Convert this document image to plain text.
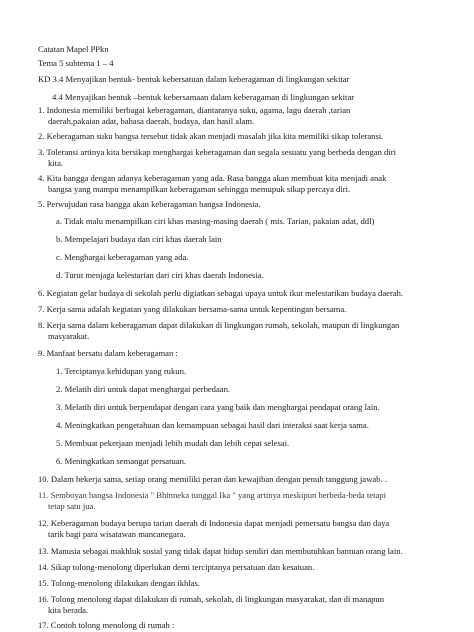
Catatan Mapel PPkn
Tema 5 subtema 1 – 4
KD 3.4 Menyajikan bentuk- bentuk kebersatuan dalam keberagaman di lingkungan sekitar
4.4 Menyajikan bentuk –bentuk kebersamaan dalam keberagaman di lingkungan sekitar
1. Indonesia memiliki berbagai keberagaman, diantaranya suku, agama, lagu daerah ,tarian
daerah,pakaian adat, bahasa daerah, budaya, dan hasil alam.
2. Keberagaman suku bangsa tersebut tidak akan menjadi masalah jika kita memiliki sikap toleransi.
3. Toleransi artinya kita bersikap menghargai keberagaman dan segala sesuatu yang berbeda dengan diri
kita.
4. Kita bangga dengan adanya keberagaman yang ada. Rasa bangga akan membuat kita menjadi anak
bangsa yang mampu menampilkan keberagaman sehingga memupuk sikap percaya diri.
5. Perwujudan rasa bangga akan keberagaman bangsa Indonesia.
a. Tidak malu menampilkan ciri khas masing-masing daerah ( mis. Tarian, pakaian adat, ddl)
b. Mempelajari budaya dan ciri khas daerah lain
c. Menghargai keberagaman yang ada.
d. Turut menjaga kelestarian dari ciri khas daerah Indonesia.
6. Kegiatan gelar budaya di sekolah perlu digiatkan sebagai upaya untuk ikut melestarikan budaya daerah.
7. Kerja sama adalah kegiatan yang dilakukan bersama-sama untuk kepentingan bersama.
8. Kerja sama dalam keberagaman dapat dilakukan di lingkungan rumah, sekolah, maupun di lingkungan
masyarakat.
9. Manfaat bersatu dalam keberagaman :
1. Terciptanya kehidupan yang rukun.
2. Melatih diri untuk dapat menghargai perbedaan.
3. Melatih diri untuk berpendapat dengan cara yang baik dan menghargai pendapat orang lain.
4. Meningkatkan pengetahuan dan kemampuan sebagai hasil dari interaksi saat kerja sama.
5. Membuat pekerjaan menjadi lebih mudah dan lebih cepat selesai.
6. Meningkatkan semangat persatuan.
10. Dalam bekerja sama, setiap orang memiliki peran dan kewajiban dengan penuh tanggung jawab. .
11. Semboyan bangsa Indonesia " Bhinneka tunggal Ika " yang artinya meskipun berbeda-beda tetapi
tetap satu jua.
12. Keberagaman budaya berupa tarian daerah di Indonesia dapat menjadi pemersatu bangsa dan daya
tarik bagi para wisatawan mancanegara.
13. Manusia sebagai makhluk sosial yang tidak dapat hidup sendiri dan membutuhkan bantuan orang lain.
14. Sikap tolong-menolong diperlukan demi terciptanya persatuan dan kesatuan.
15. Tolong-menolong dilakukan dengan ikhlas.
16. Tolong menolong dapat dilakukan di rumah, sekolah, di lingkungan masyarakat, dan di manapun
kita berada.
17. Contoh tolong menolong di rumah :
